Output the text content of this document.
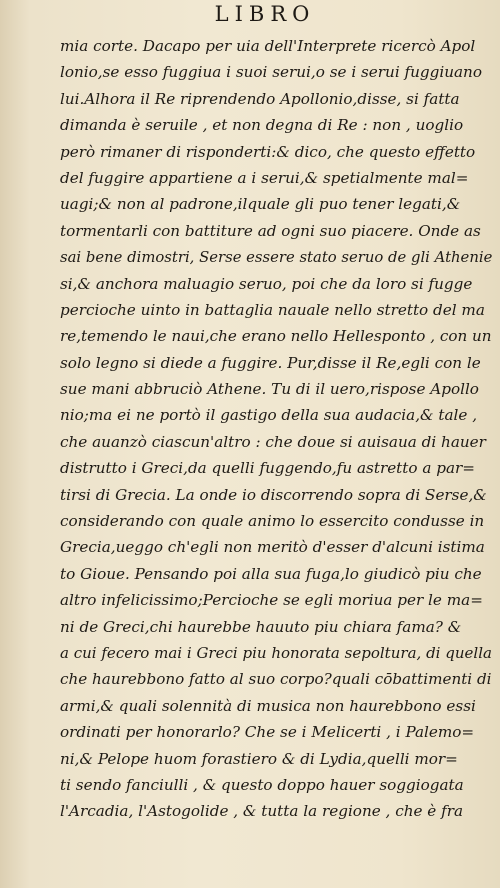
LIBRO
mia corte. Dacapo per uia dell'Interprete ricercò Apol
lonio,se esso fuggiua i suoi serui,o se i serui fuggiuano
lui.Alhora il Re riprendendo Apollonio,disse, si fatta
dimanda è seruile , et non degna di Re : non , uoglio
però rimaner di risponderti:& dico, che questo effetto
del fuggire appartiene a i serui,& spetialmente mal=
uagi;& non al padrone,ilquale gli puo tener legati,&
tormentarli con battiture ad ogni suo piacere. Onde as
sai bene dimostri, Serse essere stato seruo de gli Athenie
si,& anchora maluagio seruo, poi che da loro si fugge
percioche uinto in battaglia nauale nello stretto del ma
re,temendo le naui,che erano nello Hellesponto , con un
solo legno si diede a fuggire. Pur,disse il Re,egli con le
sue mani abbruciò Athene. Tu di il uero,rispose Apollo
nio;ma ei ne portò il gastigo della sua audacia,& tale ,
che auanzò ciascun'altro : che doue si auisaua di hauer
distrutto i Greci,da quelli fuggendo,fu astretto a par=
tirsi di Grecia. La onde io discorrendo sopra di Serse,&
considerando con quale animo lo essercito condusse in
Grecia,ueggo ch'egli non meritò d'esser d'alcuni istima
to Gioue. Pensando poi alla sua fuga,lo giudicò piu che
altro infelicissimo;Percioche se egli moriua per le ma=
ni de Greci,chi haurebbe hauuto piu chiara fama? &
a cui fecero mai i Greci piu honorata sepoltura, di quella
che haurebbono fatto al suo corpo?quali cōbattimenti di
armi,& quali solennità di musica non haurebbono essi
ordinati per honorarlo? Che se i Melicerti , i Palemo=
ni,& Pelope huom forastiero & di Lydia,quelli mor=
ti sendo fanciulli , & questo doppo hauer soggiogata
l'Arcadia, l'Astogolide , & tutta la regione , che è fra
